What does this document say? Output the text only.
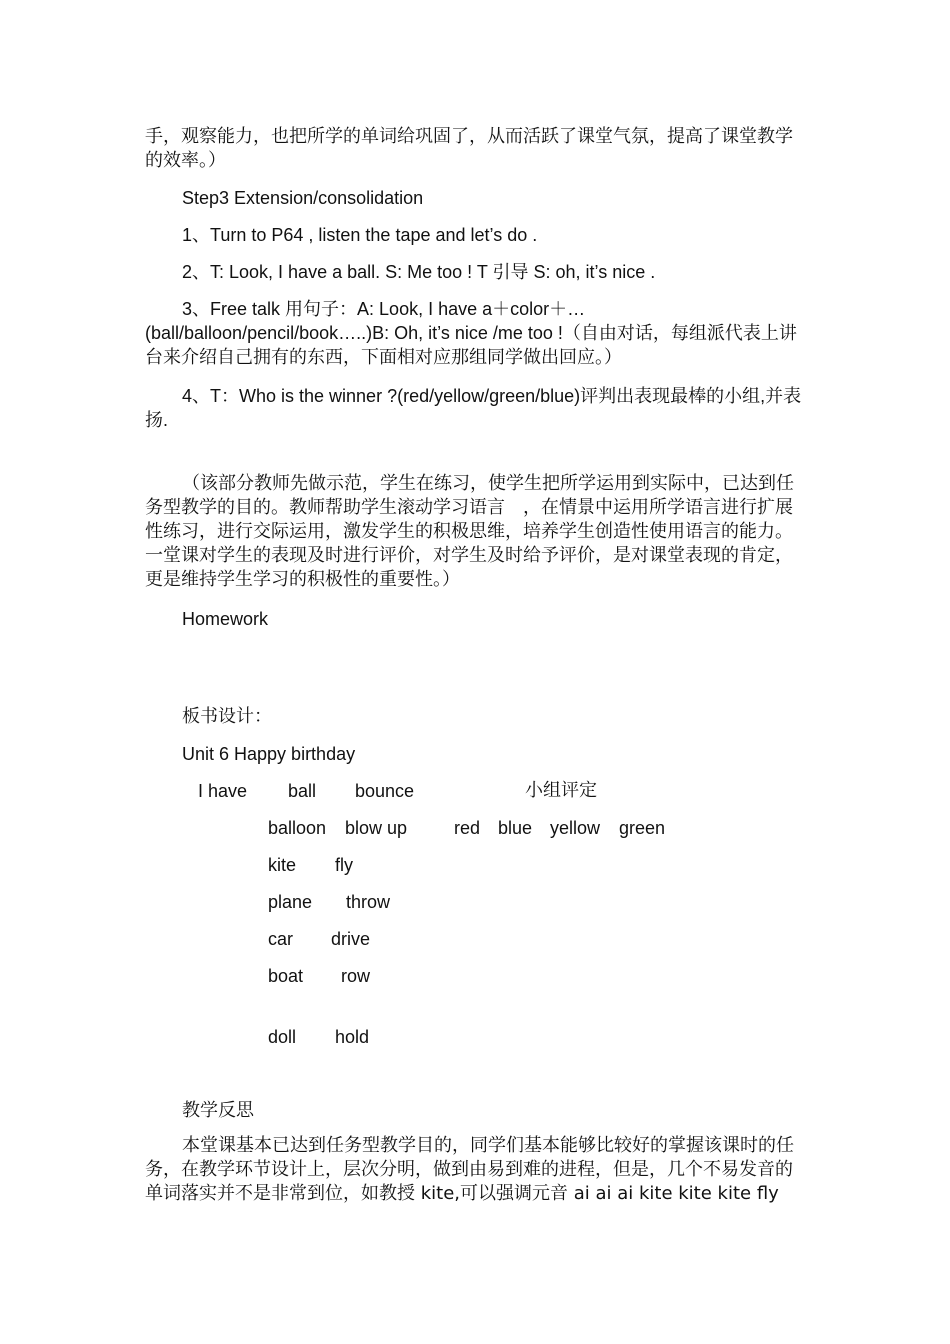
手，观察能力，也把所学的单词给巩固了，从而活跃了课堂气氛，提高了课堂教学的效率。）

Step3 Extension/consolidation

1、Turn to P64 , listen the tape and let’s do .

2、T: Look, I have a ball. S: Me too ! T 引导 S: oh, it’s nice .

3、Free talk 用句子：A: Look, I have a＋color＋…

(ball/balloon/pencil/book…..)B: Oh, it’s nice /me too !（自由对话，每组派代表上讲台来介绍自己拥有的东西，下面相对应那组同学做出回应。）

4、T：Who is the winner ?(red/yellow/green/blue)评判出表现最棒的小组,并表扬.

（该部分教师先做示范，学生在练习，使学生把所学运用到实际中，已达到任务型教学的目的。教师帮助学生滚动学习语言　，在情景中运用所学语言进行扩展性练习，进行交际运用，激发学生的积极思维，培养学生创造性使用语言的能力。一堂课对学生的表现及时进行评价，对学生及时给予评价，是对课堂表现的肯定，更是维持学生学习的积极性的重要性。）

Homework

板书设计：

Unit 6 Happy birthday

I have ball bounce	小组评定
balloon blow up	red blue yellow green
kite fly
plane throw
car drive
boat row
doll hold

教学反思

本堂课基本已达到任务型教学目的，同学们基本能够比较好的掌握该课时的任务，在教学环节设计上，层次分明，做到由易到难的进程，但是，几个不易发音的单词落实并不是非常到位，如教授 kite,可以强调元音 ai ai ai kite kite kite fly
